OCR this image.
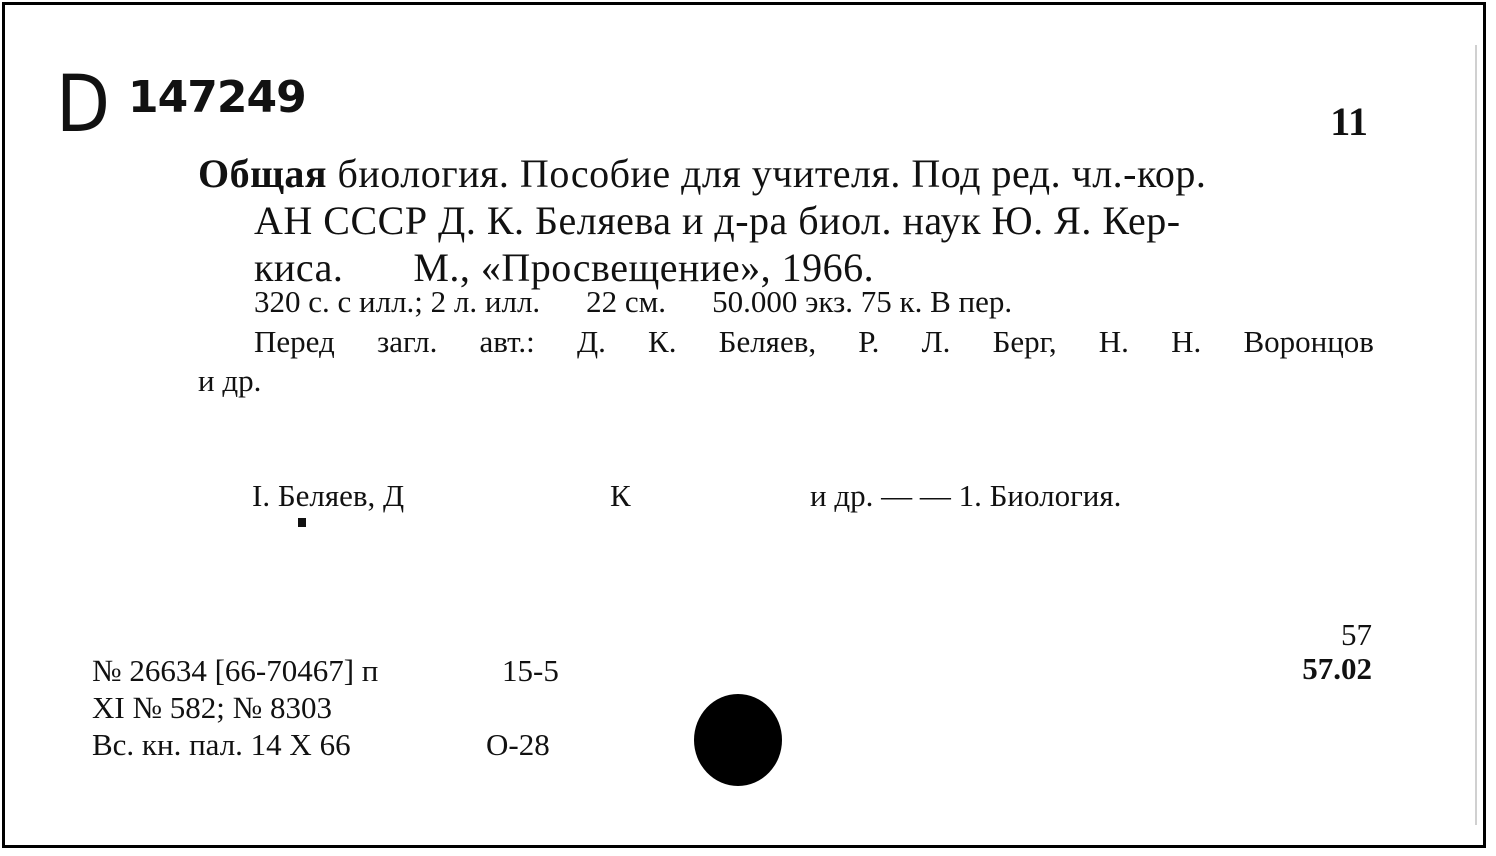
D 147249	11
Общая биология. Пособие для учителя. Под ред. чл.-кор.
АН СССР Д. К. Беляева и д-ра биол. наук Ю. Я. Кер-
киса. М., «Просвещение», 1966.
320 с. с илл.; 2 л. илл. 22 см. 50.000 экз. 75 к. В пер.
Перед загл. авт.: Д. К. Беляев, Р. Л. Берг, Н. Н. Воронцов
и др.
I. Беляев, Д	К	и др. — — 1. Биология.
№ 26634 [66-70467] п	15-5
XI № 582; № 8303
Вс. кн. пал. 14 X 66	О-28
57
57.02
